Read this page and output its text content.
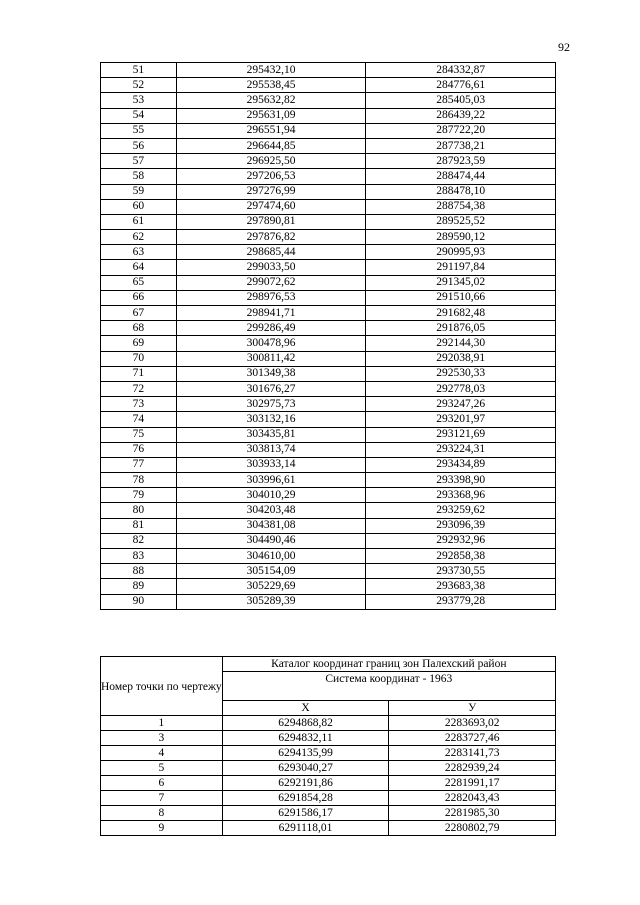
92
51	295432,10	284332,87
52	295538,45	284776,61
53	295632,82	285405,03
54	295631,09	286439,22
55	296551,94	287722,20
56	296644,85	287738,21
57	296925,50	287923,59
58	297206,53	288474,44
59	297276,99	288478,10
60	297474,60	288754,38
61	297890,81	289525,52
62	297876,82	289590,12
63	298685,44	290995,93
64	299033,50	291197,84
65	299072,62	291345,02
66	298976,53	291510,66
67	298941,71	291682,48
68	299286,49	291876,05
69	300478,96	292144,30
70	300811,42	292038,91
71	301349,38	292530,33
72	301676,27	292778,03
73	302975,73	293247,26
74	303132,16	293201,97
75	303435,81	293121,69
76	303813,74	293224,31
77	303933,14	293434,89
78	303996,61	293398,90
79	304010,29	293368,96
80	304203,48	293259,62
81	304381,08	293096,39
82	304490,46	292932,96
83	304610,00	292858,38
88	305154,09	293730,55
89	305229,69	293683,38
90	305289,39	293779,28
Номер точки по чертежу	Каталог координат границ зон Палехский район	
	Система координат - 1963	
	X	У
1	6294868,82	2283693,02
3	6294832,11	2283727,46
4	6294135,99	2283141,73
5	6293040,27	2282939,24
6	6292191,86	2281991,17
7	6291854,28	2282043,43
8	6291586,17	2281985,30
9	6291118,01	2280802,79
